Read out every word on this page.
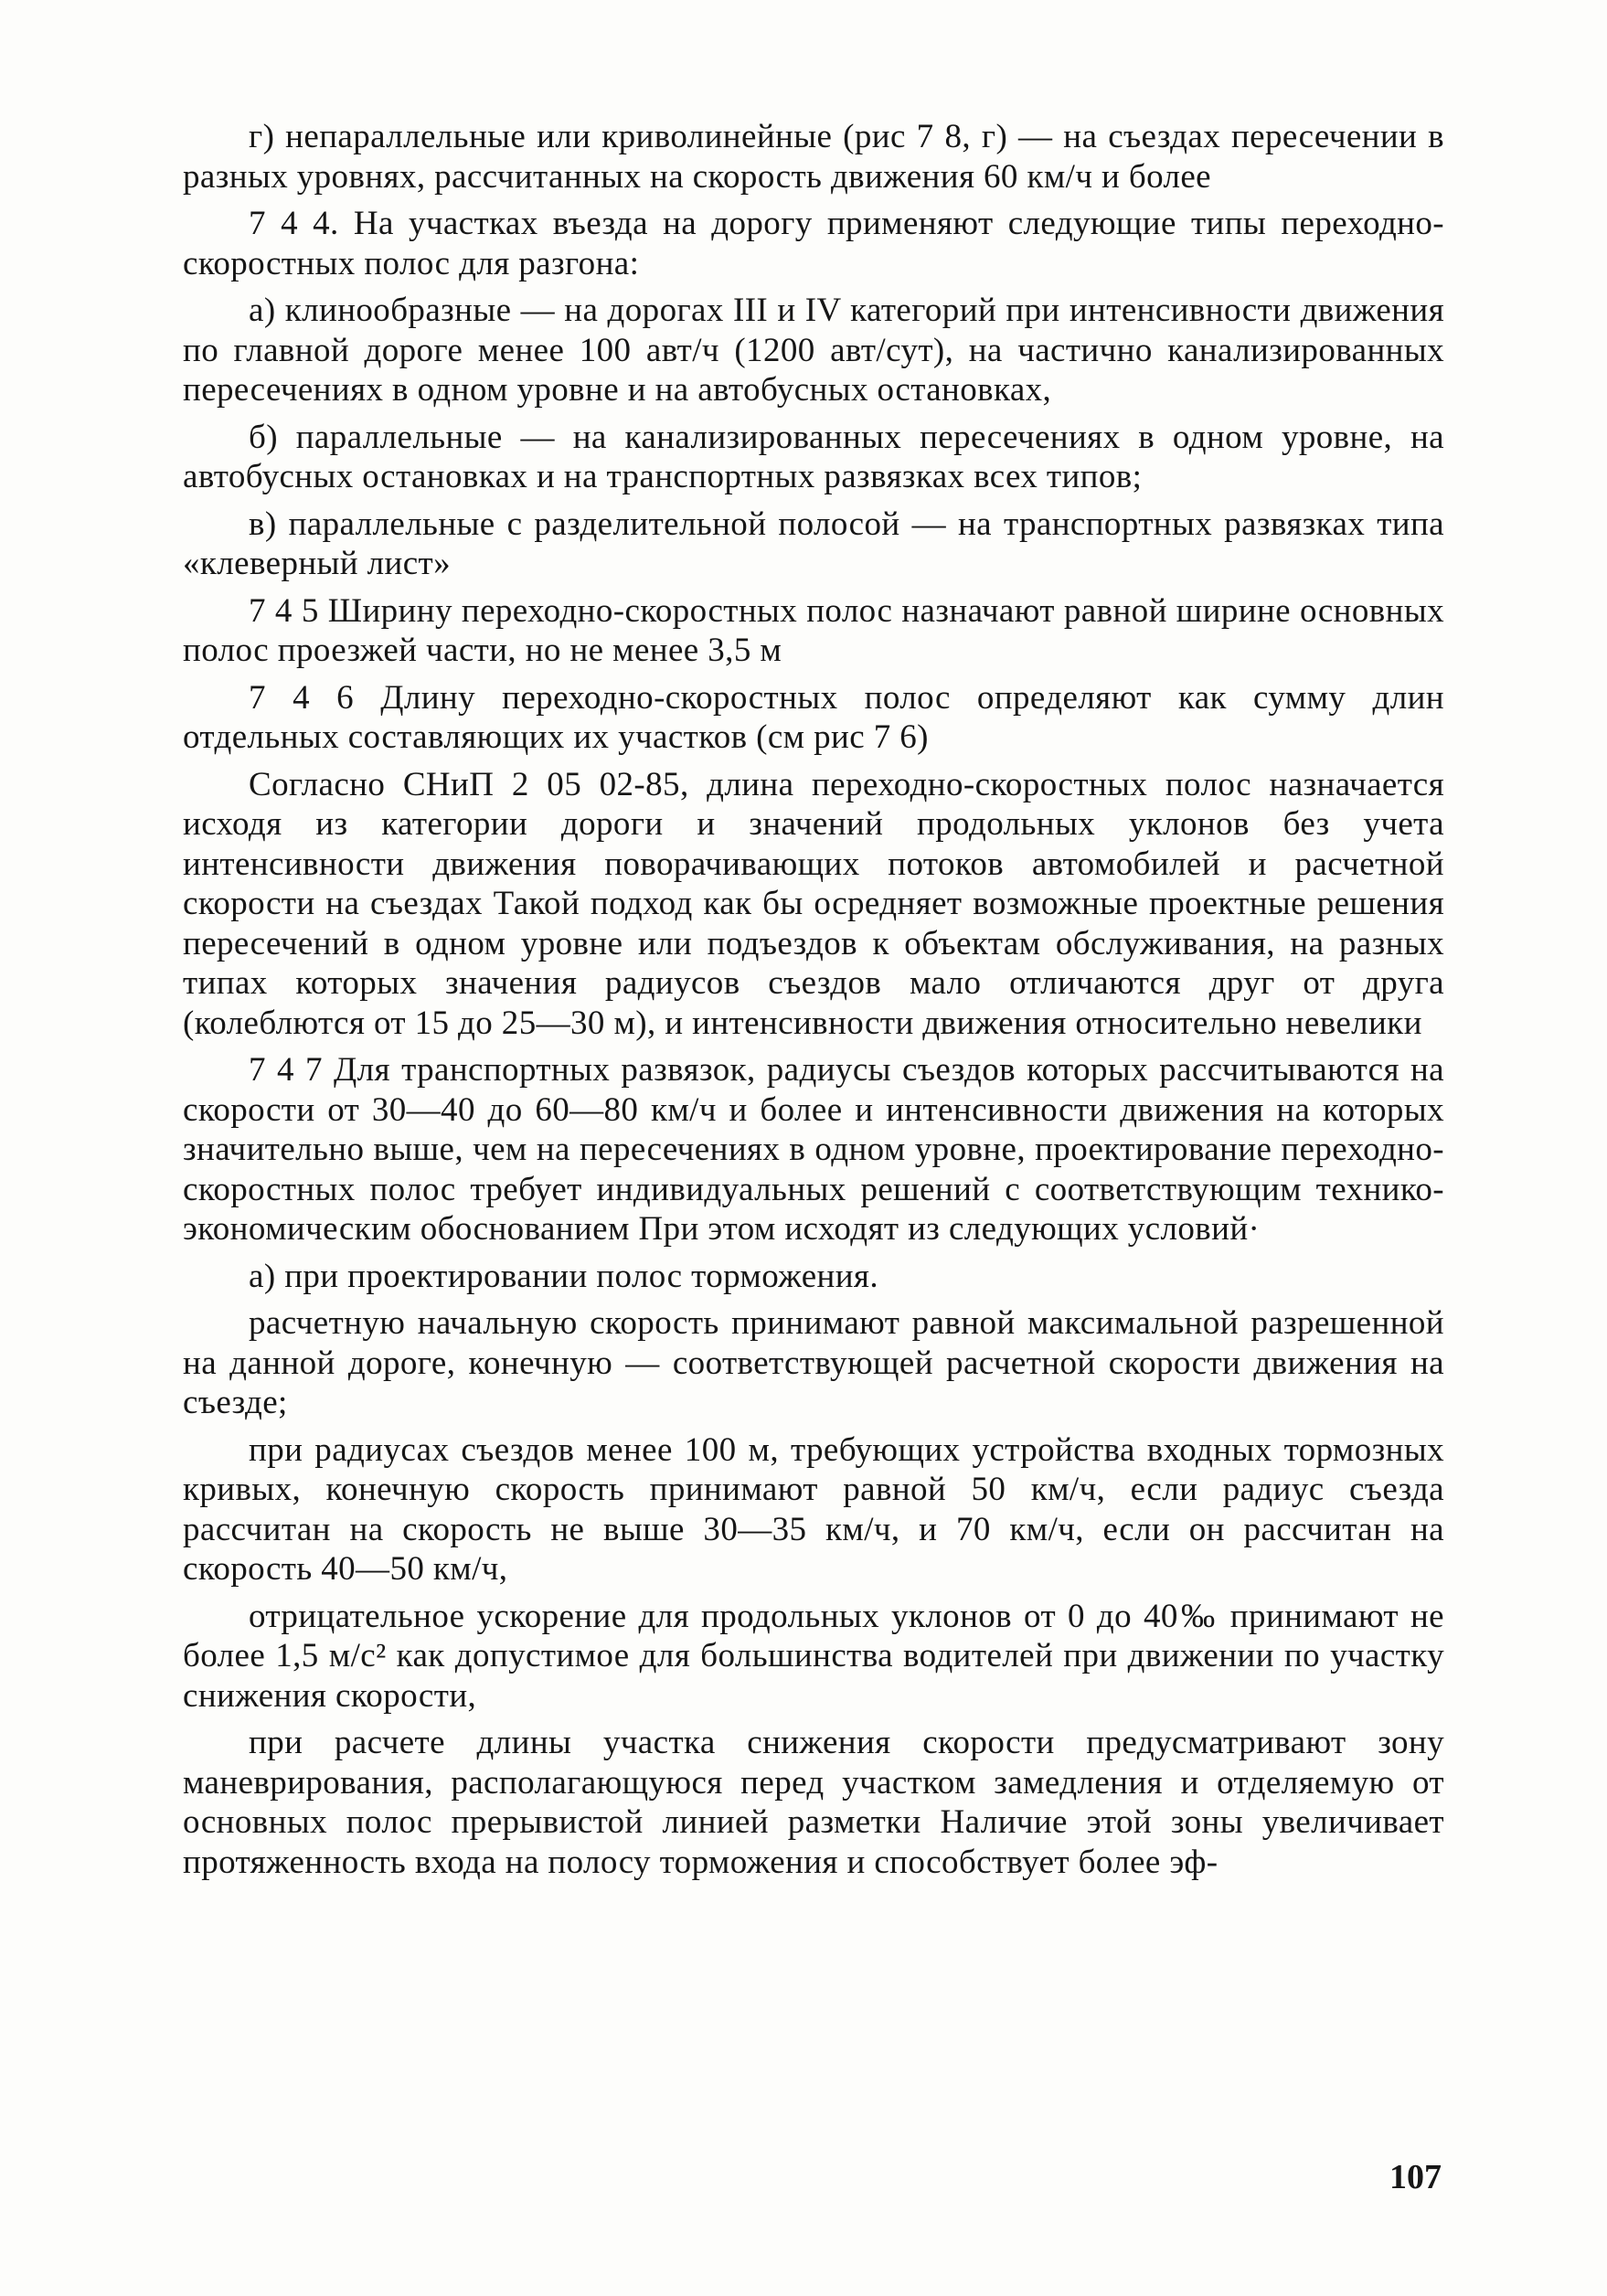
г) непараллельные или криволинейные (рис 7 8, г) — на съездах пересечении в разных уровнях, рассчитанных на скорость движения 60 км/ч и более

7 4 4. На участках въезда на дорогу применяют следующие типы переходно-скоростных полос для разгона:

а) клинообразные — на дорогах III и IV категорий при интенсивности движения по главной дороге менее 100 авт/ч (1200 авт/сут), на частично канализированных пересечениях в одном уровне и на автобусных остановках,

б) параллельные — на канализированных пересечениях в одном уровне, на автобусных остановках и на транспортных развязках всех типов;

в) параллельные с разделительной полосой — на транспортных развязках типа «клеверный лист»

7 4 5 Ширину переходно-скоростных полос назначают равной ширине основных полос проезжей части, но не менее 3,5 м

7 4 6 Длину переходно-скоростных полос определяют как сумму длин отдельных составляющих их участков (см рис 7 6)

Согласно СНиП 2 05 02-85, длина переходно-скоростных полос назначается исходя из категории дороги и значений продольных уклонов без учета интенсивности движения поворачивающих потоков автомобилей и расчетной скорости на съездах Такой подход как бы осредняет возможные проектные решения пересечений в одном уровне или подъездов к объектам обслуживания, на разных типах которых значения радиусов съездов мало отличаются друг от друга (колеблются от 15 до 25—30 м), и интенсивности движения относительно невелики

7 4 7 Для транспортных развязок, радиусы съездов которых рассчитываются на скорости от 30—40 до 60—80 км/ч и более и интенсивности движения на которых значительно выше, чем на пересечениях в одном уровне, проектирование переходно-скоростных полос требует индивидуальных решений с соответствующим технико-экономическим обоснованием При этом исходят из следующих условий·

а) при проектировании полос торможения.

расчетную начальную скорость принимают равной максимальной разрешенной на данной дороге, конечную — соответствующей расчетной скорости движения на съезде;

при радиусах съездов менее 100 м, требующих устройства входных тормозных кривых, конечную скорость принимают равной 50 км/ч, если радиус съезда рассчитан на скорость не выше 30—35 км/ч, и 70 км/ч, если он рассчитан на скорость 40—50 км/ч,

отрицательное ускорение для продольных уклонов от 0 до 40‰ принимают не более 1,5 м/с² как допустимое для большинства водителей при движении по участку снижения скорости,

при расчете длины участка снижения скорости предусматривают зону маневрирования, располагающуюся перед участком замедления и отделяемую от основных полос прерывистой линией разметки Наличие этой зоны увеличивает протяженность входа на полосу торможения и способствует более эф-

107
